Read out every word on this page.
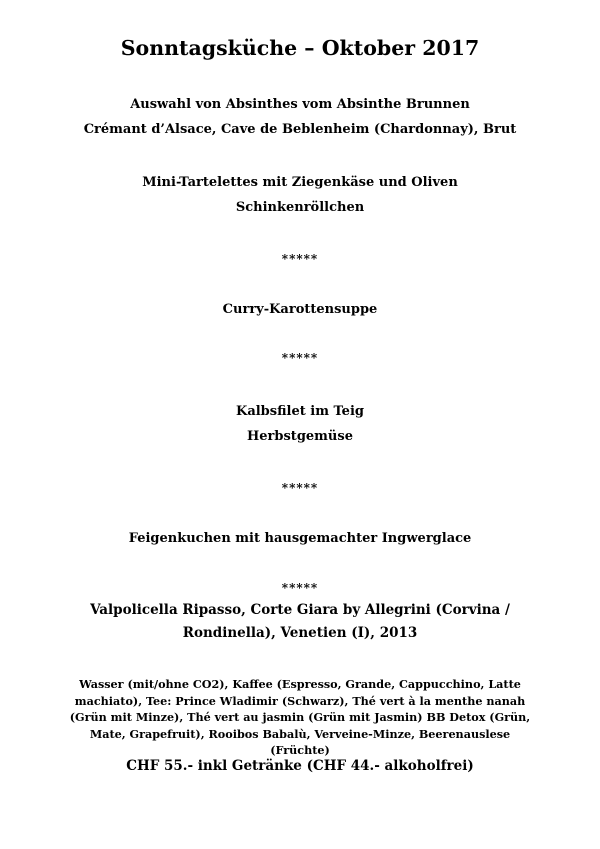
Sonntagsküche – Oktober 2017
Auswahl von Absinthes vom Absinthe Brunnen
Crémant d’Alsace, Cave de Beblenheim (Chardonnay), Brut
Mini-Tartelettes mit Ziegenkäse und Oliven
Schinkenröllchen
*****
Curry-Karottensuppe
*****
Kalbsfilet im Teig
Herbstgemüse
*****
Feigenkuchen mit hausgemachter Ingwerglace
*****
Valpolicella Ripasso, Corte Giara by Allegrini (Corvina /
Rondinella), Venetien (I), 2013
Wasser (mit/ohne CO2), Kaffee (Espresso, Grande, Cappucchino, Latte machiato), Tee: Prince Wladimir (Schwarz), Thé vert à la menthe nanah (Grün mit Minze), Thé vert au jasmin (Grün mit Jasmin) BB Detox (Grün, Mate, Grapefruit), Rooibos Babalù, Verveine-Minze, Beerenauslese (Früchte)
CHF 55.- inkl Getränke (CHF 44.- alkoholfrei)
